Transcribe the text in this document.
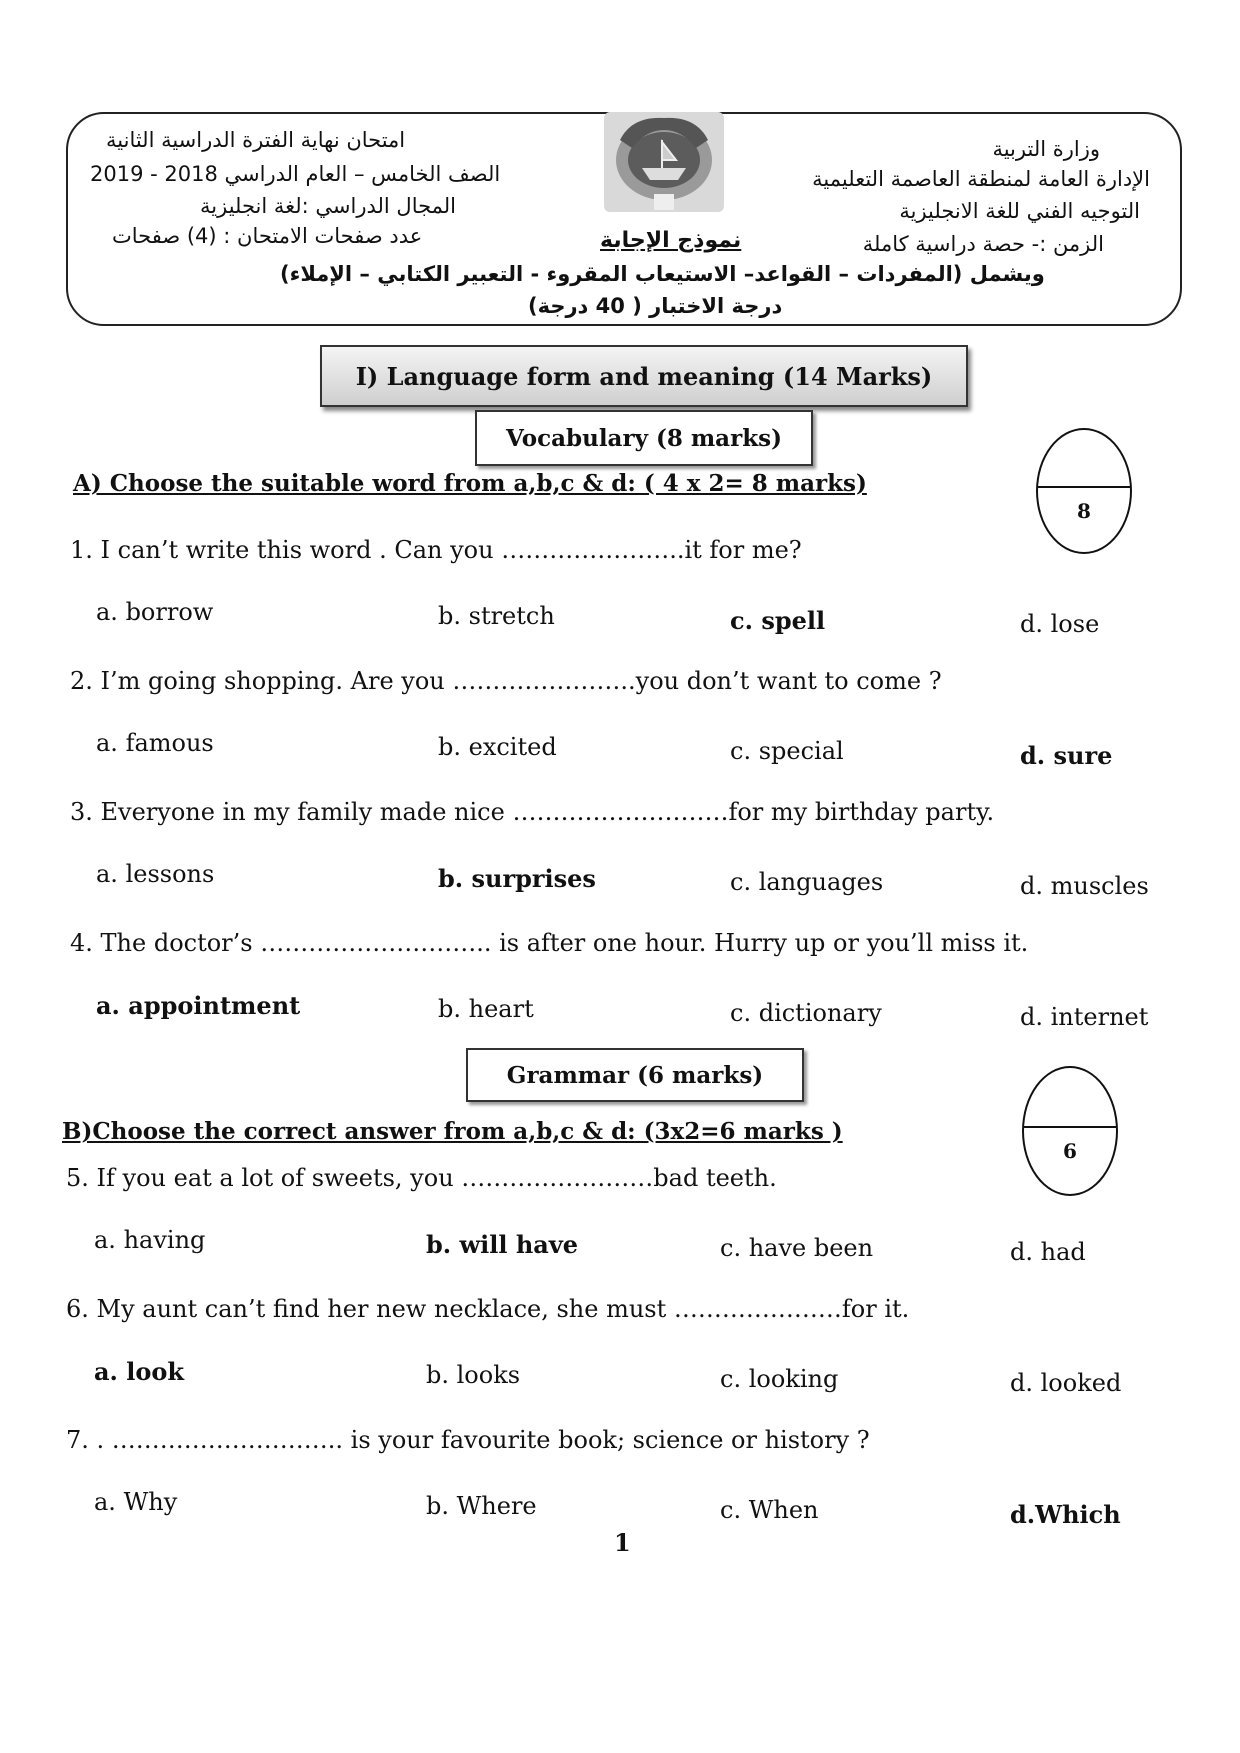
وزارة التربية
الإدارة العامة لمنطقة العاصمة التعليمية
التوجيه الفني للغة الانجليزية
الزمن :- حصة دراسية كاملة
امتحان نهاية الفترة الدراسية الثانية
الصف الخامس – العام الدراسي 2018 - 2019
المجال الدراسي :لغة انجليزية
عدد صفحات الامتحان : (4) صفحات	نموذج الإجابة
ويشمل (المفردات – القواعد– الاستيعاب المقروء - التعبير الكتابي – الإملاء)
درجة الاختبار ( 40 درجة)
I) Language form and meaning (14 Marks)
Vocabulary (8 marks)
A) Choose the suitable word from a,b,c & d: ( 4 x 2= 8 marks)
8
1. I can’t write this word . Can you …………………..it for me?
a. borrow	b. stretch	c. spell	d. lose
2. I’m going shopping. Are you …………………..you don’t want to come ?
a. famous	b. excited	c. special	d. sure
3. Everyone in my family made nice ………………………for my birthday party.
a. lessons	b. surprises	c. languages	d. muscles
4. The doctor’s ……………………….. is after one hour. Hurry up or you’ll miss it.
a. appointment	b. heart	c. dictionary	d. internet
Grammar (6 marks)
B)Choose the correct answer from a,b,c & d: (3x2=6 marks )
6
5. If you eat a lot of sweets, you ……………………bad teeth.
a. having	b. will have	c. have been	d. had
6. My aunt can’t find her new necklace, she must …………………for it.
a. look	b. looks	c. looking	d. looked
7. . ……………………….. is your favourite book; science or history ?
a. Why	b. Where	c. When	d.Which
1
